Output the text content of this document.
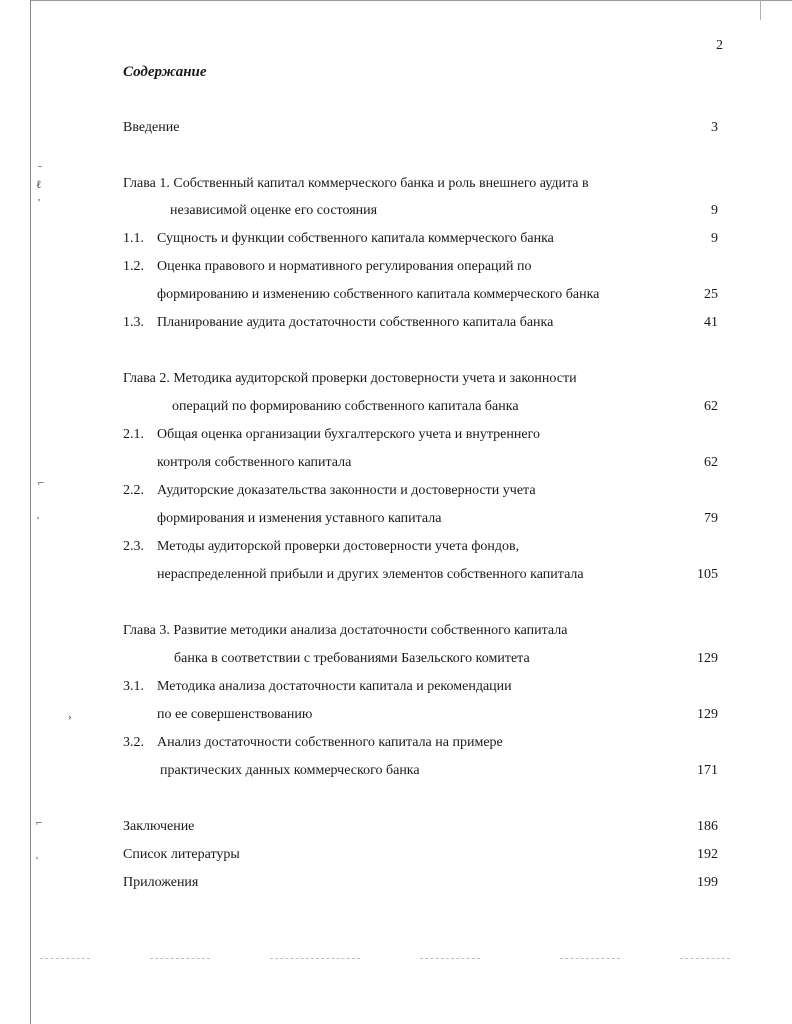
˷
ℓ
'
⌐
'
›
⌐
'
2
Содержание
Введение	3
Глава 1. Собственный капитал коммерческого банка и роль внешнего аудита в
независимой оценке его состояния	9
1.1. Сущность и функции собственного капитала коммерческого банка	9
1.2. Оценка правового и нормативного регулирования операций по
формированию и изменению собственного капитала коммерческого банка	25
1.3. Планирование аудита достаточности собственного капитала банка	41
Глава 2. Методика аудиторской проверки достоверности учета и законности
операций по формированию собственного капитала банка	62
2.1. Общая оценка организации бухгалтерского учета и внутреннего
контроля собственного капитала	62
2.2. Аудиторские доказательства законности и достоверности учета
формирования и изменения уставного капитала	79
2.3. Методы аудиторской проверки достоверности учета фондов,
нераспределенной прибыли и других элементов собственного капитала	105
Глава 3. Развитие методики анализа достаточности собственного капитала
банка в соответствии с требованиями Базельского комитета	129
3.1. Методика анализа достаточности капитала и рекомендации
по ее совершенствованию	129
3.2. Анализ достаточности собственного капитала на примере
практических данных коммерческого банка	171
Заключение	186
Список литературы	192
Приложения	199
